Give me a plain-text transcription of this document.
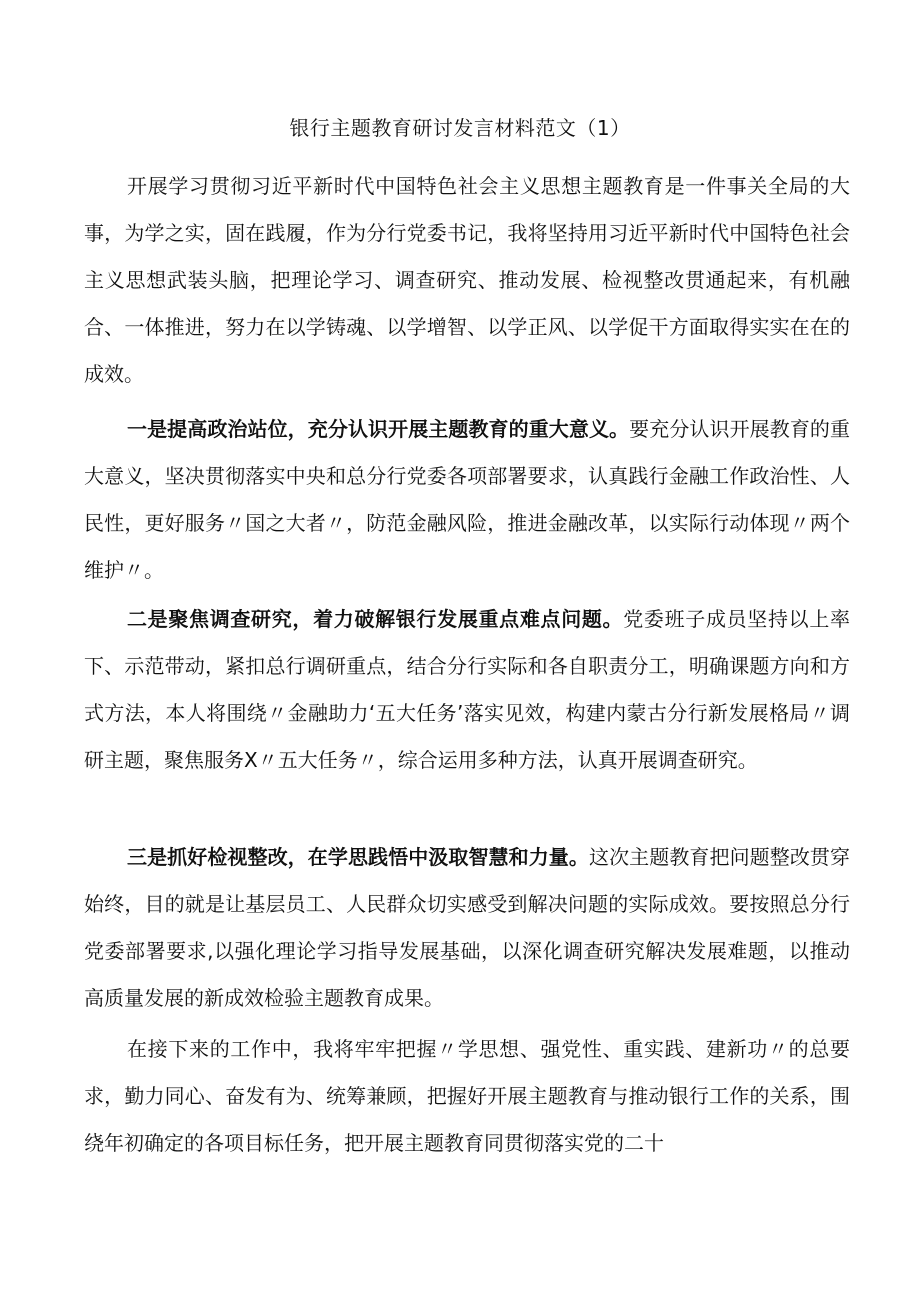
银行主题教育研讨发言材料范文（1）

开展学习贯彻习近平新时代中国特色社会主义思想主题教育是一件事关全局的大事，为学之实，固在践履，作为分行党委书记，我将坚持用习近平新时代中国特色社会主义思想武装头脑，把理论学习、调查研究、推动发展、检视整改贯通起来，有机融合、一体推进，努力在以学铸魂、以学增智、以学正风、以学促干方面取得实实在在的成效。

一是提高政治站位，充分认识开展主题教育的重大意义。要充分认识开展教育的重大意义，坚决贯彻落实中央和总分行党委各项部署要求，认真践行金融工作政治性、人民性，更好服务〃国之大者〃，防范金融风险，推进金融改革，以实际行动体现〃两个维护〃。

二是聚焦调查研究，着力破解银行发展重点难点问题。党委班子成员坚持以上率下、示范带动，紧扣总行调研重点，结合分行实际和各自职责分工，明确课题方向和方式方法，本人将围绕〃金融助力‘五大任务’落实见效，构建内蒙古分行新发展格局〃调研主题，聚焦服务X〃五大任务〃，综合运用多种方法，认真开展调查研究。

三是抓好检视整改，在学思践悟中汲取智慧和力量。这次主题教育把问题整改贯穿始终，目的就是让基层员工、人民群众切实感受到解决问题的实际成效。要按照总分行党委部署要求,以强化理论学习指导发展基础，以深化调查研究解决发展难题，以推动高质量发展的新成效检验主题教育成果。

在接下来的工作中，我将牢牢把握〃学思想、强党性、重实践、建新功〃的总要求，勤力同心、奋发有为、统筹兼顾，把握好开展主题教育与推动银行工作的关系，围绕年初确定的各项目标任务，把开展主题教育同贯彻落实党的二十
